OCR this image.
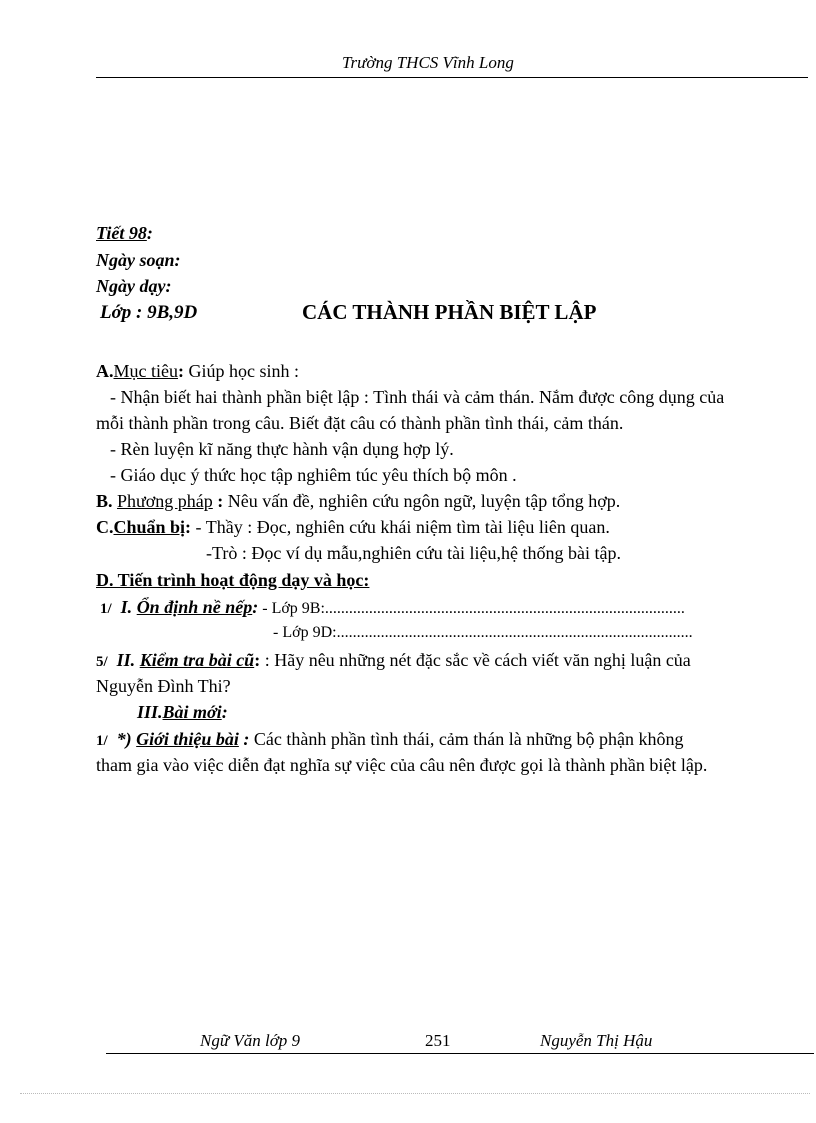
Trường THCS Vĩnh Long
Tiết 98:
Ngày soạn:
Ngày dạy:
Lớp : 9B,9D	CÁC THÀNH PHẦN BIỆT LẬP
A.Mục tiêu: Giúp học sinh :
- Nhận biết hai thành phần biệt lập : Tình thái và cảm thán. Nắm được công dụng của
mỗi thành phần trong câu. Biết đặt câu có thành phần tình thái, cảm thán.
- Rèn luyện kĩ năng thực hành vận dụng hợp lý.
- Giáo dục ý thức học tập nghiêm túc yêu thích bộ môn .
B. Phương pháp : Nêu vấn đề, nghiên cứu ngôn ngữ, luyện tập tổng hợp.
C.Chuẩn bị: - Thầy : Đọc, nghiên cứu khái niệm tìm tài liệu liên quan.
-Trò : Đọc ví dụ mẫu,nghiên cứu tài liệu,hệ thống bài tập.
D. Tiến trình hoạt động dạy và học:
1/ I. Ổn định nề nếp: - Lớp 9B:..........................................................................................
- Lớp 9D:.........................................................................................
5/ II. Kiểm tra bài cũ: : Hãy nêu những nét đặc sắc về cách viết văn nghị luận của
Nguyễn Đình Thi?
III.Bài mới:
1/  *) Giới thiệu bài : Các thành phần tình thái, cảm thán là những bộ phận không
tham gia vào việc diễn đạt nghĩa sự việc của câu nên được gọi là thành phần biệt lập.
Ngữ Văn lớp 9	251	Nguyễn Thị Hậu
